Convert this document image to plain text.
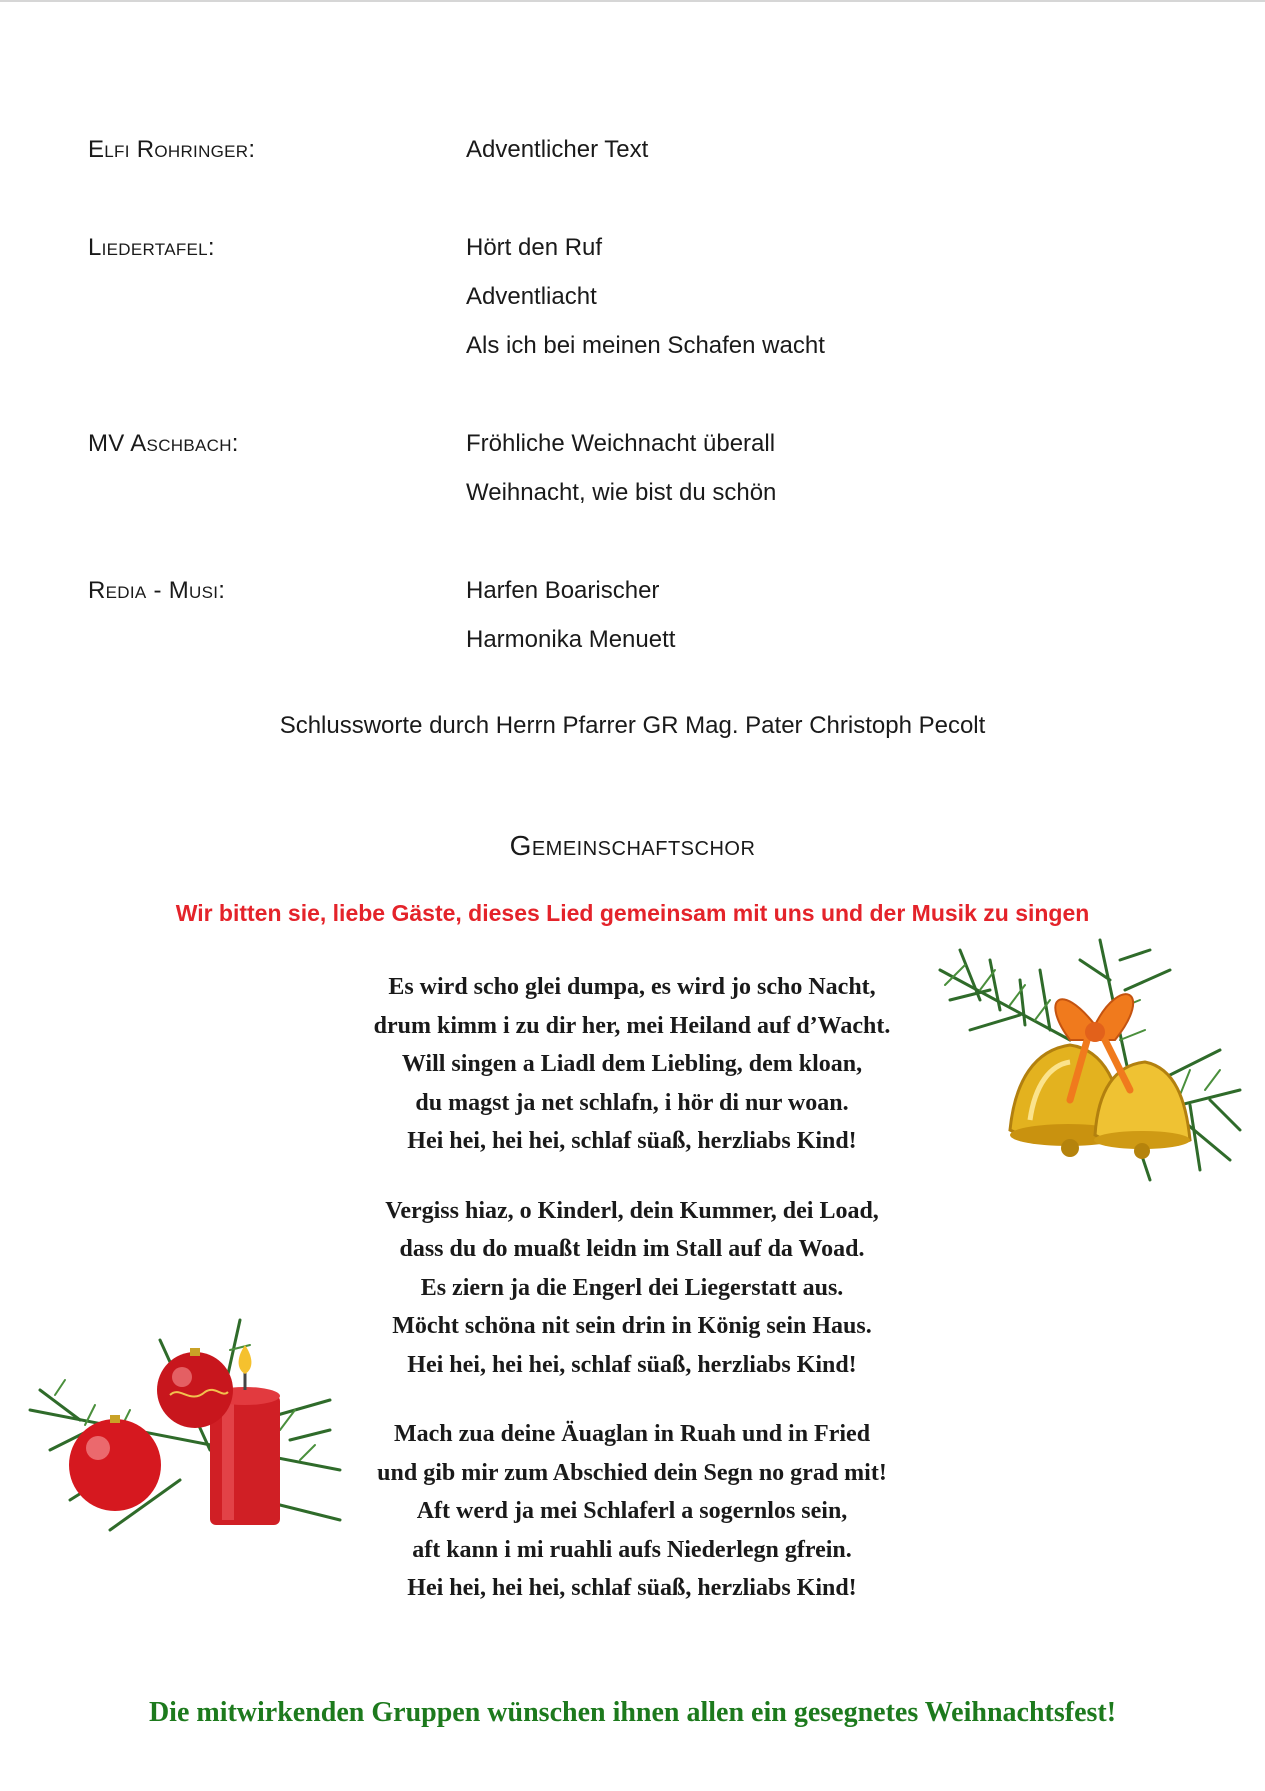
Elfi Rohringer:	Adventlicher Text
Liedertafel:	Hört den Ruf
Adventliacht
Als ich bei meinen Schafen wacht
MV Aschbach:	Fröhliche Weichnacht überall
Weihnacht, wie bist du schön
Redia - Musi:	Harfen Boarischer
Harmonika Menuett
Schlussworte durch Herrn Pfarrer GR Mag. Pater Christoph Pecolt
Gemeinschaftschor
Wir bitten sie, liebe Gäste, dieses Lied gemeinsam mit uns und der Musik zu singen
Es wird scho glei dumpa, es wird jo scho Nacht,
drum kimm i zu dir her, mei Heiland auf d’Wacht.
Will singen a Liadl dem Liebling, dem kloan,
du magst ja net schlafn, i hör di nur woan.
Hei hei, hei hei, schlaf süaß, herzliabs Kind!
Vergiss hiaz, o Kinderl, dein Kummer, dei Load,
dass du do muaßt leidn im Stall auf da Woad.
Es ziern ja die Engerl dei Liegerstatt aus.
Möcht schöna nit sein drin in König sein Haus.
Hei hei, hei hei, schlaf süaß, herzliabs Kind!
Mach zua deine Äuaglan in Ruah und in Fried
und gib mir zum Abschied dein Segn no grad mit!
Aft werd ja mei Schlaferl a sogernlos sein,
aft kann i mi ruahli aufs Niederlegn gfrein.
Hei hei, hei hei, schlaf süaß, herzliabs Kind!
Die mitwirkenden Gruppen wünschen ihnen allen ein gesegnetes Weihnachtsfest!
